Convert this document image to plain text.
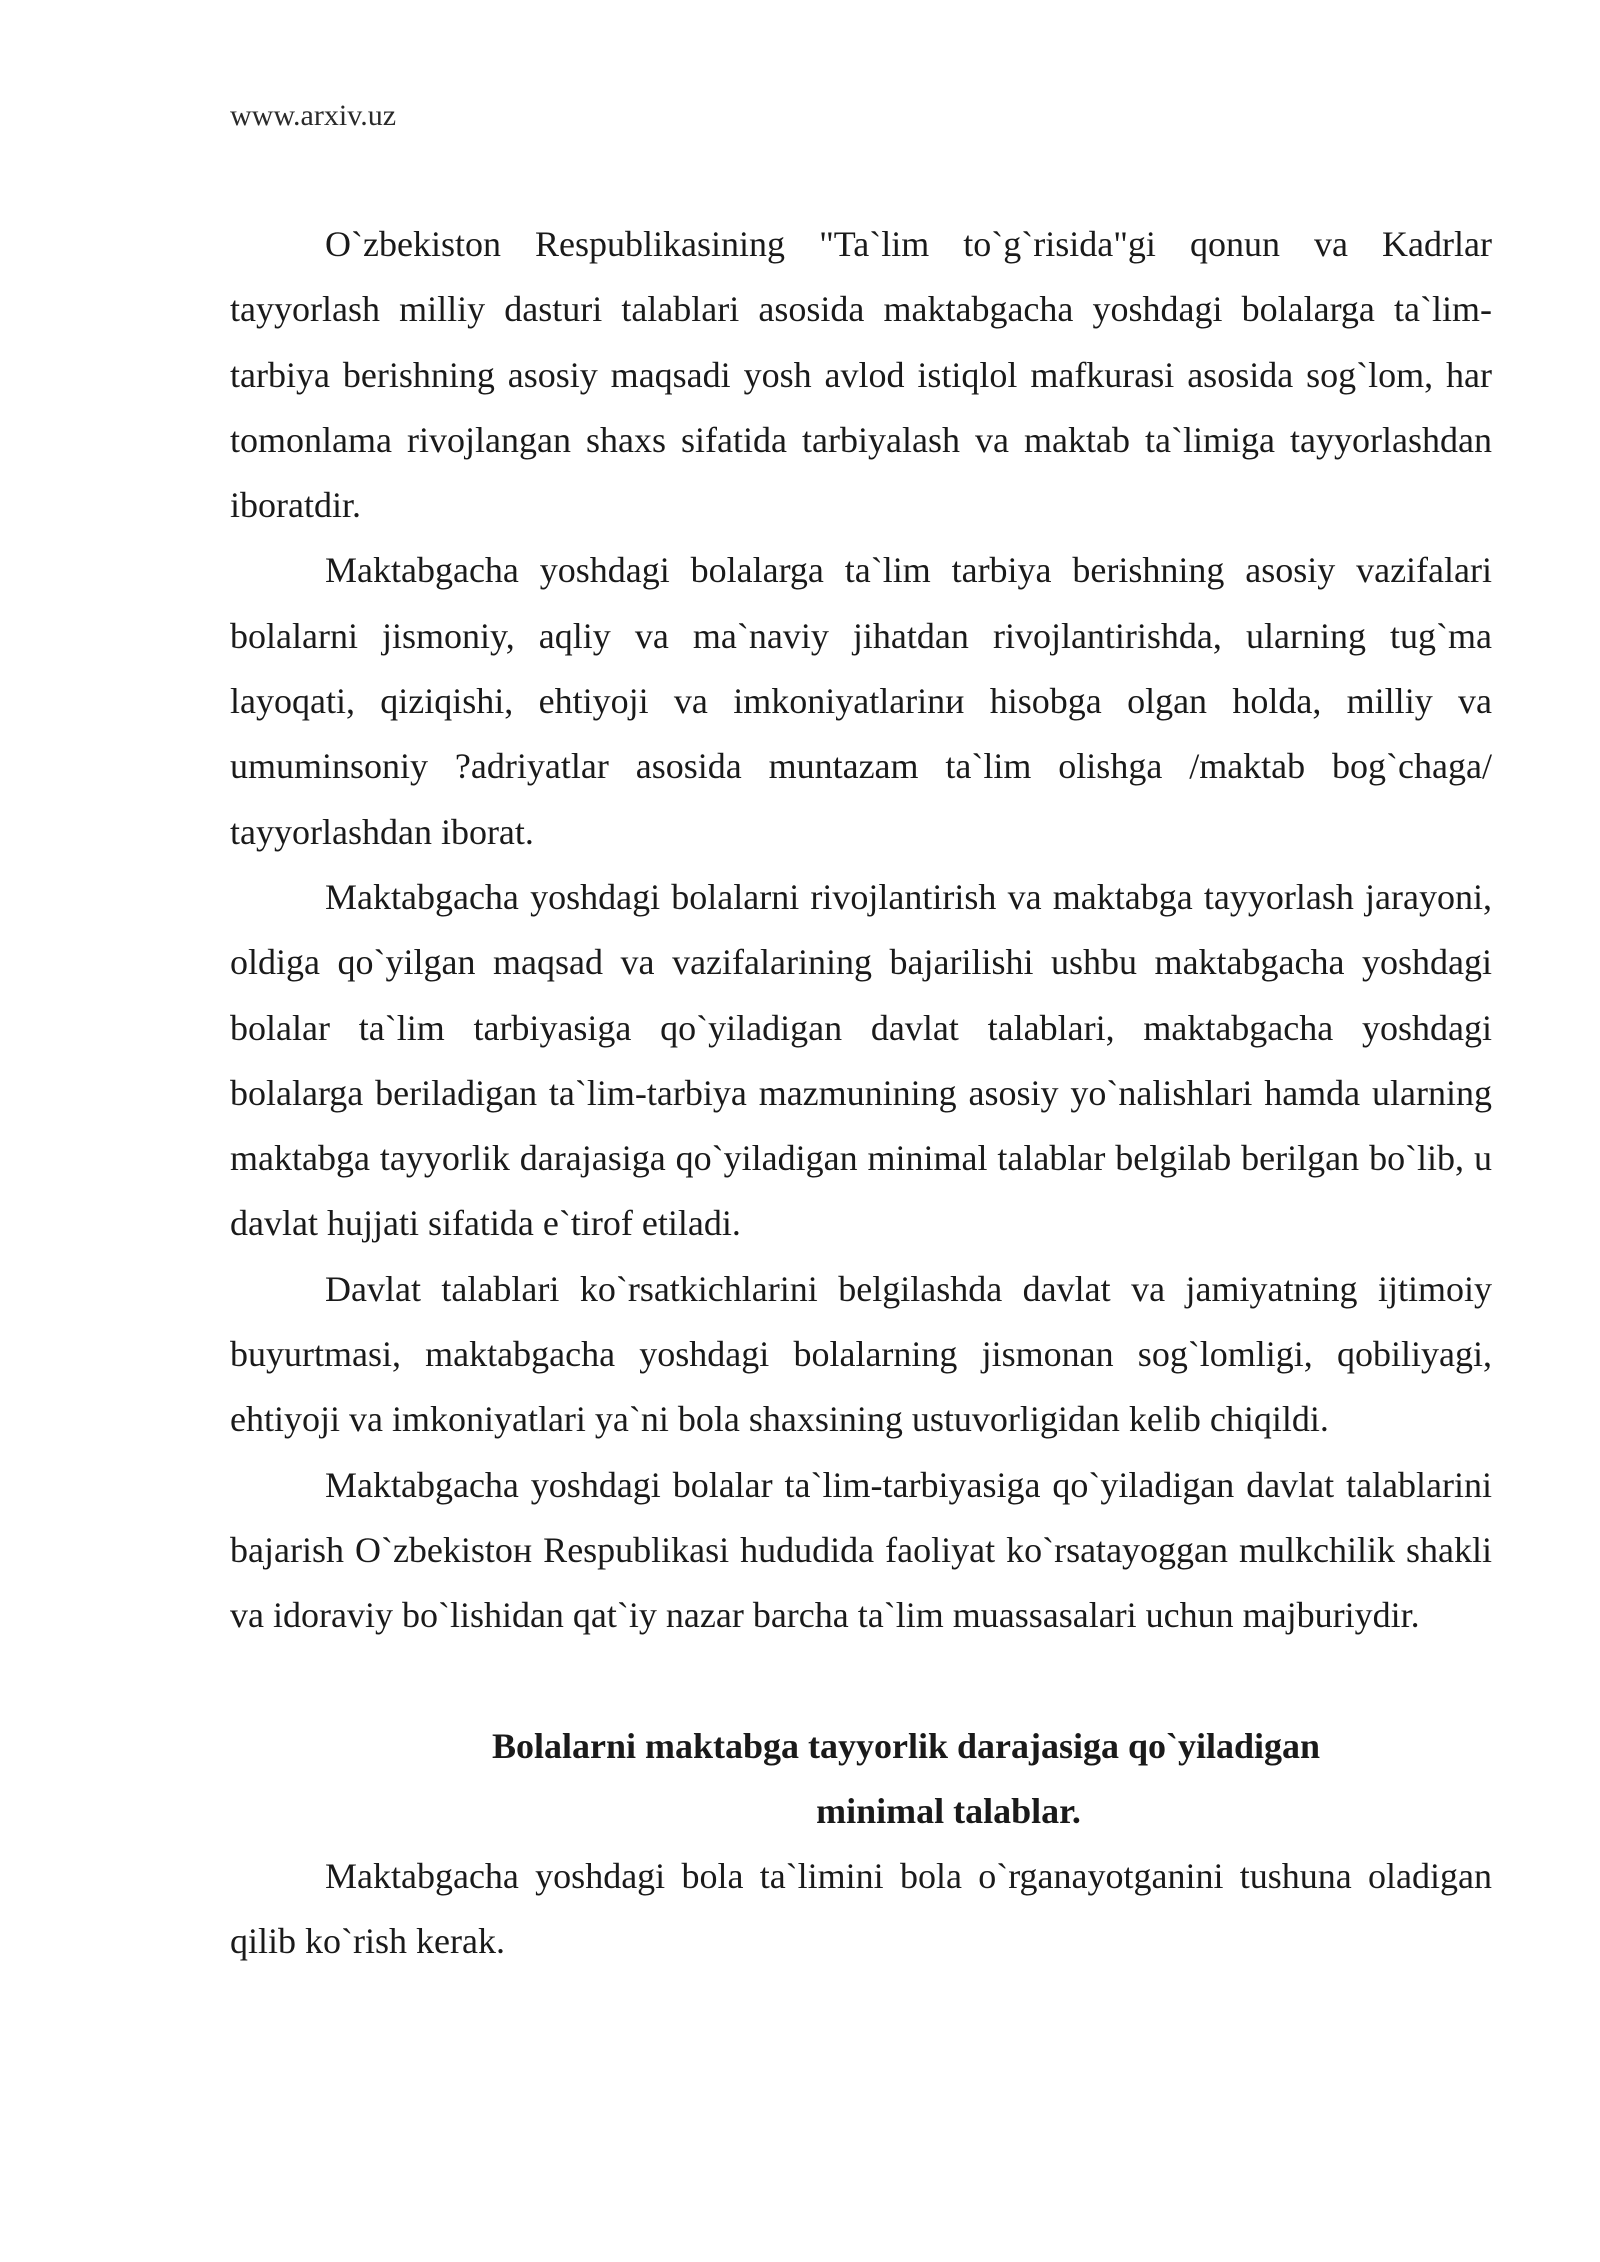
www.arxiv.uz

O`zbekiston Respublikasining "Ta`lim to`g`risida"gi qonun va Kadrlar tayyorlash milliy dasturi talablari asosida maktabgacha yoshdagi bolalarga ta`lim-tarbiya berishning asosiy maqsadi yosh avlod istiqlol mafkurasi asosida sog`lom, har tomonlama rivojlangan shaxs sifatida tarbiyalash va maktab ta`limiga tayyorlashdan iboratdir.

Maktabgacha yoshdagi bolalarga ta`lim tarbiya berishning asosiy vazifalari bolalarni jismoniy, aqliy va ma`naviy jihatdan rivojlantirishda, ularning tug`ma layoqati, qiziqishi, ehtiyoji va imkoniyatlarinи hisobga olgan holda, milliy va umuminsoniy ?adriyatlar asosida muntazam ta`lim olishga /maktab bog`chaga/ tayyorlashdan iborat.

Maktabgacha yoshdagi bolalarni rivojlantirish va maktabga tayyorlash jarayoni, oldiga qo`yilgan maqsad va vazifalarining bajarilishi ushbu maktabgacha yoshdagi bolalar ta`lim tarbiyasiga qo`yiladigan davlat talablari, maktabgacha yoshdagi bolalarga beriladigan ta`lim-tarbiya mazmunining asosiy yo`nalishlari hamda ularning maktabga tayyorlik darajasiga qo`yiladigan minimal talablar belgilab berilgan bo`lib, u davlat hujjati sifatida e`tirof etiladi.

Davlat talablari ko`rsatkichlarini belgilashda davlat va jamiyatning ijtimoiy buyurtmasi, maktabgacha yoshdagi bolalarning jismonan sog`lomligi, qobiliyagi, ehtiyoji va imkoniyatlari ya`ni bola shaxsining ustuvorligidan kelib chiqildi.

Maktabgacha yoshdagi bolalar ta`lim-tarbiyasiga qo`yiladigan davlat talablarini bajarish O`zbekistoн Respublikasi hududida faoliyat ko`rsatayoggan mulkchilik shakli va idoraviy bo`lishidan qat`iy nazar barcha ta`lim muassasalari uchun majburiydir.

Bolalarni maktabga tayyorlik darajasiga qo`yiladigan
minimal talablar.

Maktabgacha yoshdagi bola ta`limini bola o`rganayotganini tushuna oladigan qilib ko`rish kerak.
